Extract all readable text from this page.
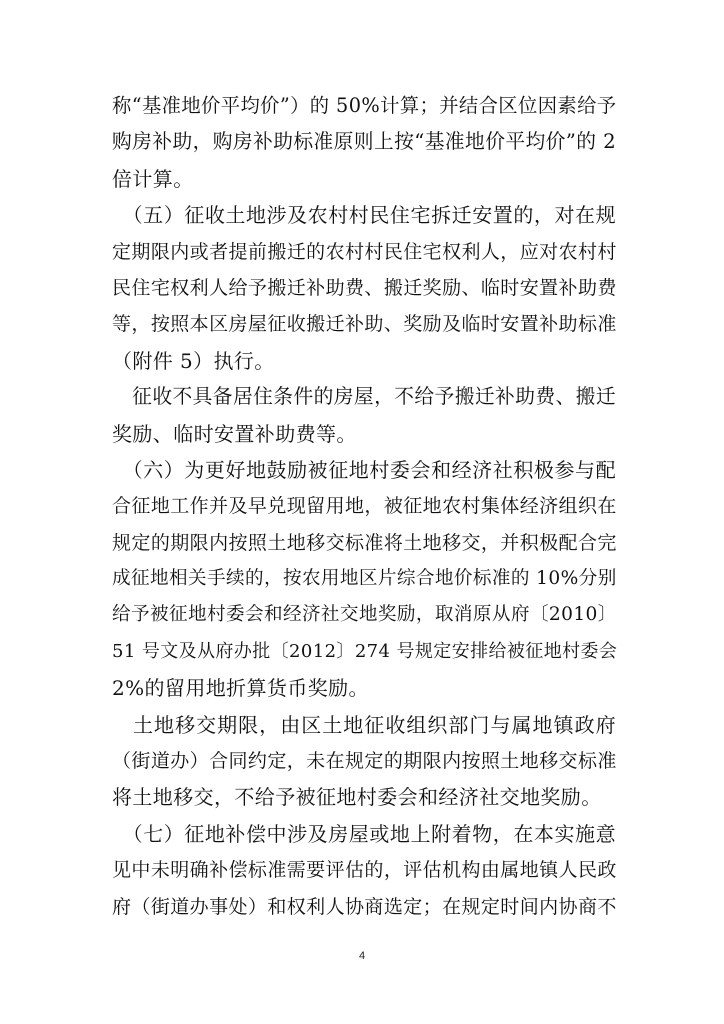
称“基准地价平均价”）的 50%计算；并结合区位因素给予
购房补助，购房补助标准原则上按“基准地价平均价”的 2
倍计算。
　（五）征收土地涉及农村村民住宅拆迁安置的，对在规
定期限内或者提前搬迁的农村村民住宅权利人，应对农村村
民住宅权利人给予搬迁补助费、搬迁奖励、临时安置补助费
等，按照本区房屋征收搬迁补助、奖励及临时安置补助标准
（附件 5）执行。
　征收不具备居住条件的房屋，不给予搬迁补助费、搬迁
奖励、临时安置补助费等。
　（六）为更好地鼓励被征地村委会和经济社积极参与配
合征地工作并及早兑现留用地，被征地农村集体经济组织在
规定的期限内按照土地移交标准将土地移交，并积极配合完
成征地相关手续的，按农用地区片综合地价标准的 10%分别
给予被征地村委会和经济社交地奖励，取消原从府〔2010〕
51 号文及从府办批〔2012〕274 号规定安排给被征地村委会
2%的留用地折算货币奖励。
　土地移交期限，由区土地征收组织部门与属地镇政府
（街道办）合同约定，未在规定的期限内按照土地移交标准
将土地移交，不给予被征地村委会和经济社交地奖励。
　（七）征地补偿中涉及房屋或地上附着物，在本实施意
见中未明确补偿标准需要评估的，评估机构由属地镇人民政
府（街道办事处）和权利人协商选定；在规定时间内协商不
4
